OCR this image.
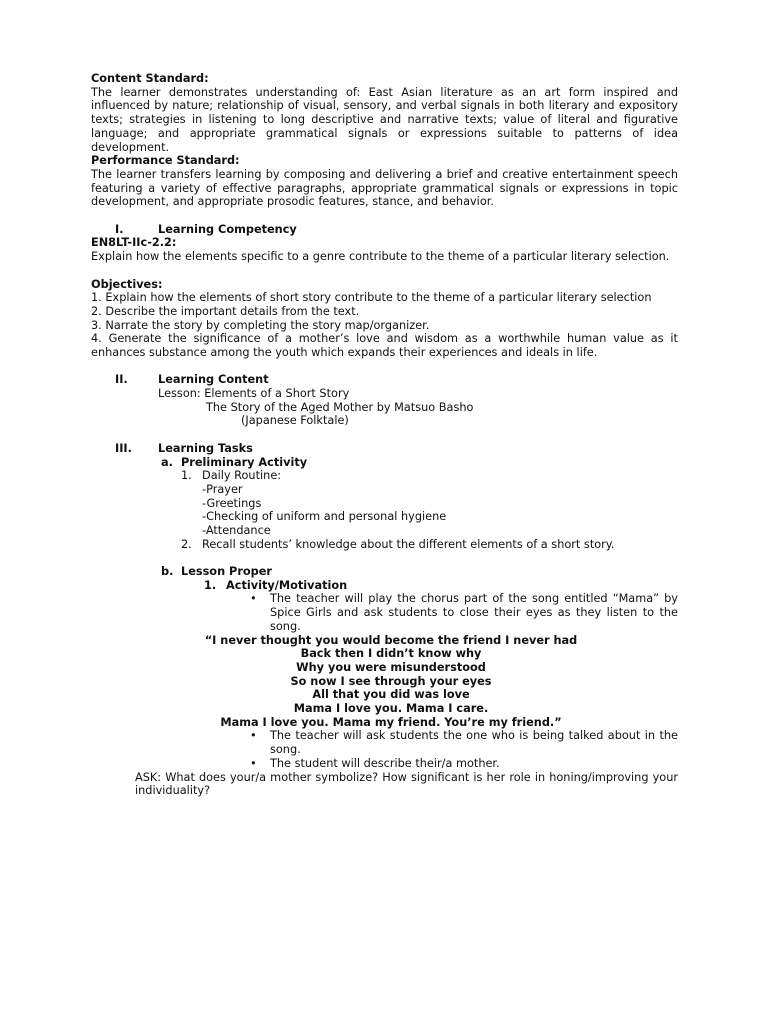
Content Standard:
The learner demonstrates understanding of: East Asian literature as an art form inspired and influenced by nature; relationship of visual, sensory, and verbal signals in both literary and expository texts; strategies in listening to long descriptive and narrative texts; value of literal and figurative language; and appropriate grammatical signals or expressions suitable to patterns of idea development.
Performance Standard:
The learner transfers learning by composing and delivering a brief and creative entertainment speech featuring a variety of effective paragraphs, appropriate grammatical signals or expressions in topic development, and appropriate prosodic features, stance, and behavior.
I.	Learning Competency
EN8LT-IIc-2.2:
Explain how the elements specific to a genre contribute to the theme of a particular literary selection.
Objectives:
1. Explain how the elements of short story contribute to the theme of a particular literary selection
2. Describe the important details from the text.
3. Narrate the story by completing the story map/organizer.
4. Generate the significance of a mother’s love and wisdom as a worthwhile human value as it enhances substance among the youth which expands their experiences and ideals in life.
II.	Learning Content
Lesson: Elements of a Short Story
The Story of the Aged Mother by Matsuo Basho
(Japanese Folktale)
III. Learning Tasks
a. Preliminary Activity
1. Daily Routine:
-Prayer
-Greetings
-Checking of uniform and personal hygiene
-Attendance
2. Recall students’ knowledge about the different elements of a short story.
b. Lesson Proper
1. Activity/Motivation
• The teacher will play the chorus part of the song entitled “Mama” by Spice Girls and ask students to close their eyes as they listen to the song.
“I never thought you would become the friend I never had
Back then I didn’t know why
Why you were misunderstood
So now I see through your eyes
All that you did was love
Mama I love you. Mama I care.
Mama I love you. Mama my friend. You’re my friend.”
• The teacher will ask students the one who is being talked about in the song.
• The student will describe their/a mother.
ASK: What does your/a mother symbolize? How significant is her role in honing/improving your individuality?
